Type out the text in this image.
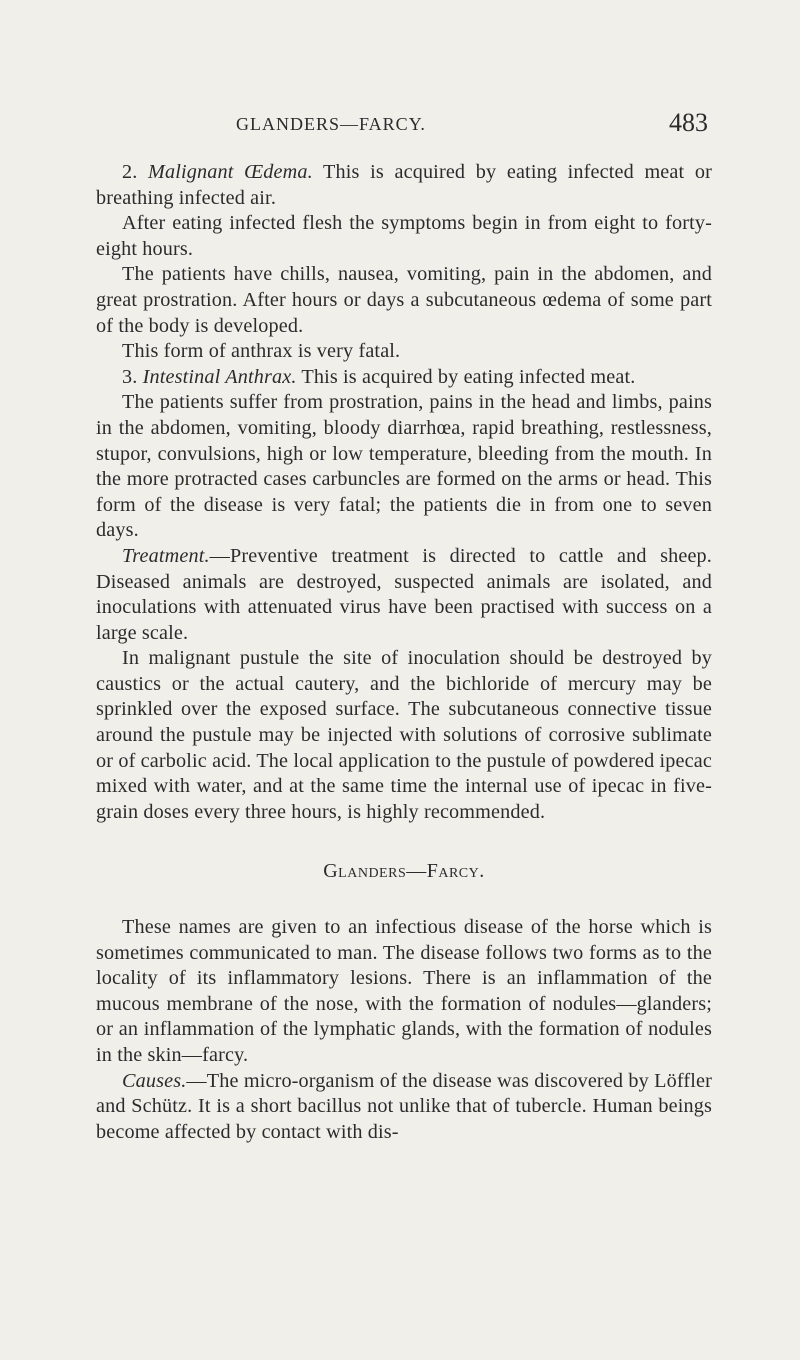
GLANDERS—FARCY.	483

2. Malignant Œdema. This is acquired by eating infected meat or breathing infected air.

After eating infected flesh the symptoms begin in from eight to forty-eight hours.

The patients have chills, nausea, vomiting, pain in the abdomen, and great prostration. After hours or days a subcutaneous œdema of some part of the body is developed.

This form of anthrax is very fatal.

3. Intestinal Anthrax. This is acquired by eating infected meat.

The patients suffer from prostration, pains in the head and limbs, pains in the abdomen, vomiting, bloody diarrhœa, rapid breathing, restlessness, stupor, convulsions, high or low temperature, bleeding from the mouth. In the more protracted cases carbuncles are formed on the arms or head. This form of the disease is very fatal; the patients die in from one to seven days.

Treatment.—Preventive treatment is directed to cattle and sheep. Diseased animals are destroyed, suspected animals are isolated, and inoculations with attenuated virus have been practised with success on a large scale.

In malignant pustule the site of inoculation should be destroyed by caustics or the actual cautery, and the bichloride of mercury may be sprinkled over the exposed surface. The subcutaneous connective tissue around the pustule may be injected with solutions of corrosive sublimate or of carbolic acid. The local application to the pustule of powdered ipecac mixed with water, and at the same time the internal use of ipecac in five-grain doses every three hours, is highly recommended.

Glanders—Farcy.

These names are given to an infectious disease of the horse which is sometimes communicated to man. The disease follows two forms as to the locality of its inflammatory lesions. There is an inflammation of the mucous membrane of the nose, with the formation of nodules—glanders; or an inflammation of the lymphatic glands, with the formation of nodules in the skin—farcy.

Causes.—The micro-organism of the disease was discovered by Löffler and Schütz. It is a short bacillus not unlike that of tubercle. Human beings become affected by contact with dis-
